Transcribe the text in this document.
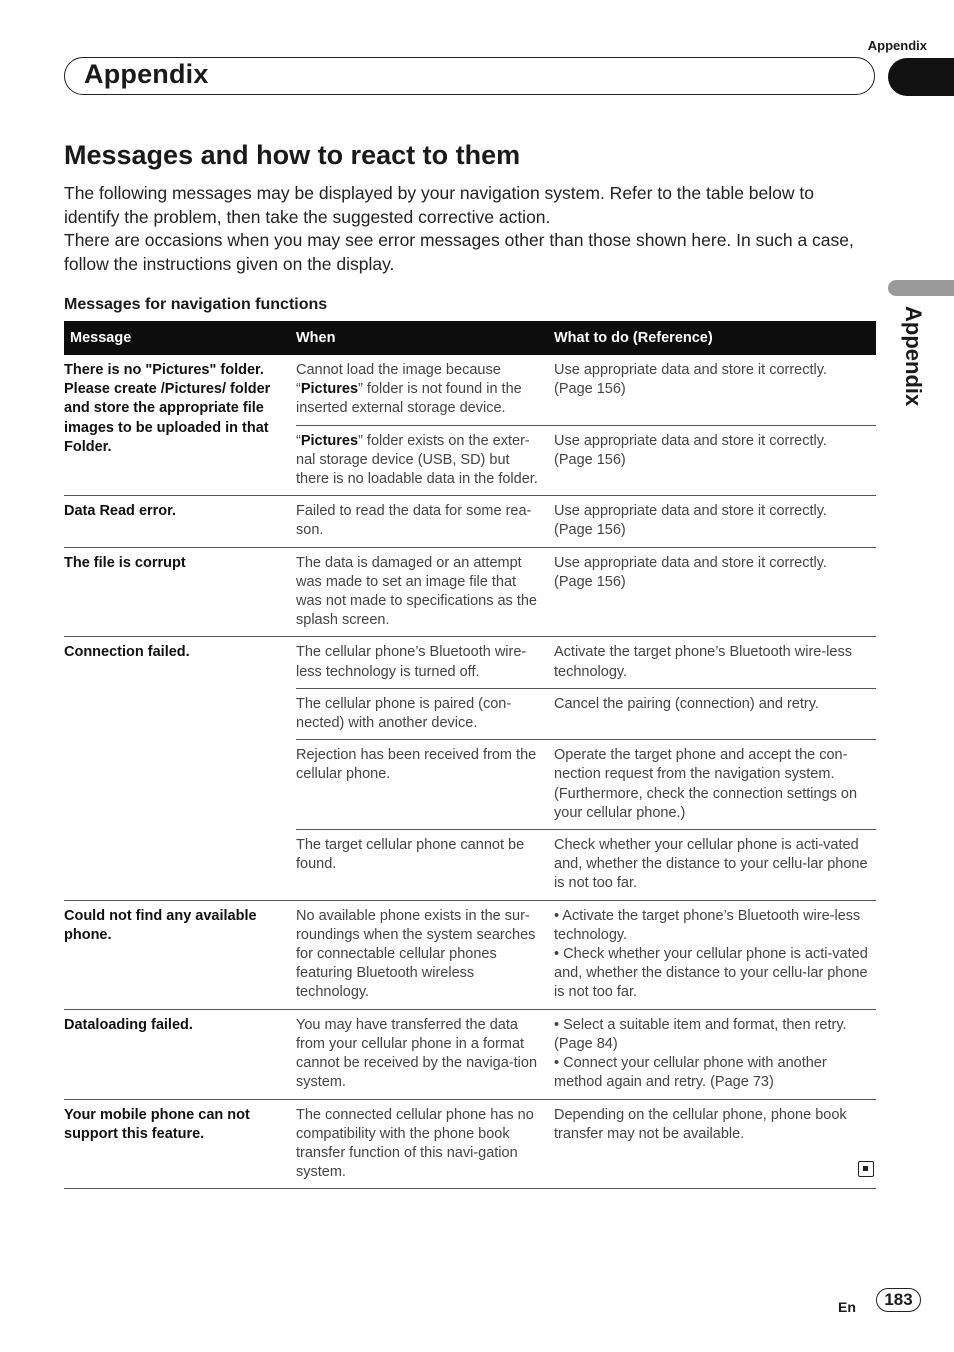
Appendix
Appendix
Appendix
Messages and how to react to them
The following messages may be displayed by your navigation system. Refer to the table below to identify the problem, then take the suggested corrective action.
There are occasions when you may see error messages other than those shown here. In such a case, follow the instructions given on the display.
Messages for navigation functions
Message	When	What to do (Reference)
There is no "Pictures" folder. Please create /Pictures/ folder and store the appropriate file images to be uploaded in that Folder.	Cannot load the image because “Pictures” folder is not found in the inserted external storage device.	Use appropriate data and store it correctly. (Page 156)
	“Pictures” folder exists on the exter-nal storage device (USB, SD) but there is no loadable data in the folder.	Use appropriate data and store it correctly. (Page 156)
Data Read error.	Failed to read the data for some rea-son.	Use appropriate data and store it correctly. (Page 156)
The file is corrupt	The data is damaged or an attempt was made to set an image file that was not made to specifications as the splash screen.	Use appropriate data and store it correctly. (Page 156)
Connection failed.	The cellular phone’s Bluetooth wire-less technology is turned off.	Activate the target phone’s Bluetooth wire-less technology.
	The cellular phone is paired (con-nected) with another device.	Cancel the pairing (connection) and retry.
	Rejection has been received from the cellular phone.	Operate the target phone and accept the con-nection request from the navigation system. (Furthermore, check the connection settings on your cellular phone.)
	The target cellular phone cannot be found.	Check whether your cellular phone is acti-vated and, whether the distance to your cellu-lar phone is not too far.
Could not find any available phone.	No available phone exists in the sur-roundings when the system searches for connectable cellular phones featuring Bluetooth wireless technology.	• Activate the target phone’s Bluetooth wire-less technology.
• Check whether your cellular phone is acti-vated and, whether the distance to your cellu-lar phone is not too far.

Dataloading failed.	You may have transferred the data from your cellular phone in a format cannot be received by the naviga-tion system.	• Select a suitable item and format, then retry. (Page 84)
• Connect your cellular phone with another method again and retry. (Page 73)

Your mobile phone can not support this feature.	The connected cellular phone has no compatibility with the phone book transfer function of this navi-gation system.	Depending on the cellular phone, phone book transfer may not be available.
En	183
